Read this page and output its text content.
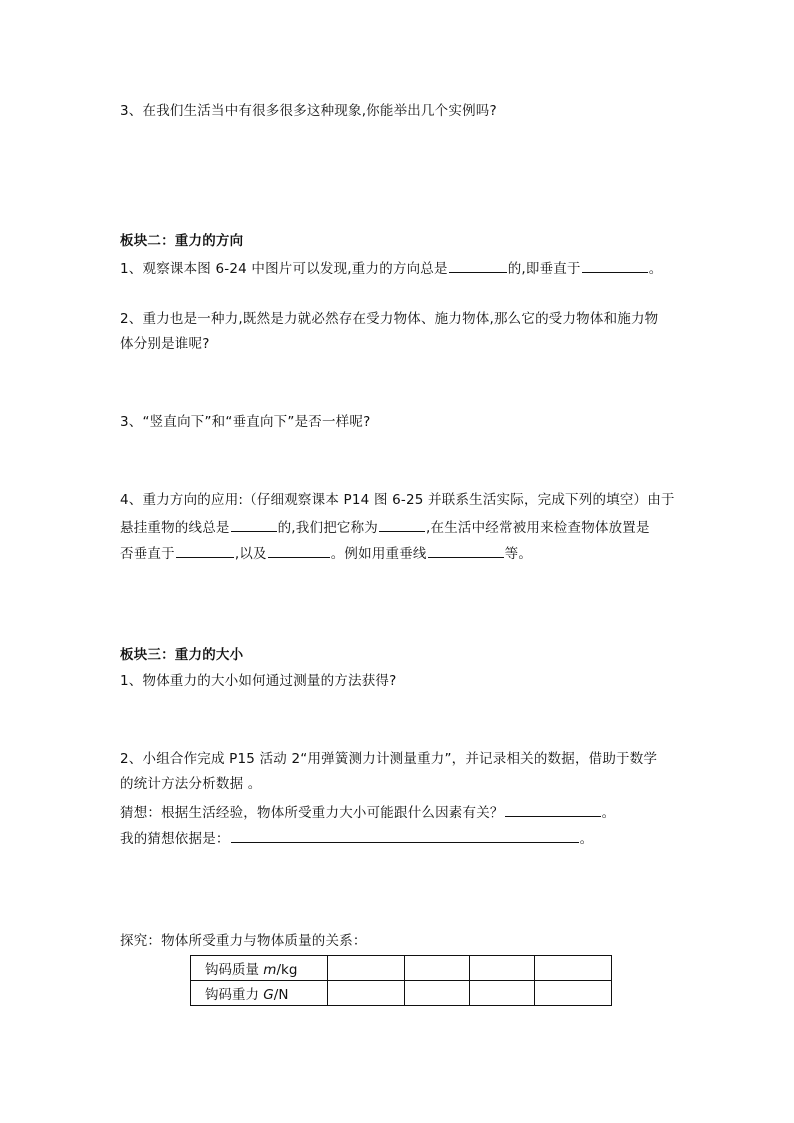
3、在我们生活当中有很多很多这种现象,你能举出几个实例吗?
板块二：重力的方向
1、观察课本图 6-24 中图片可以发现,重力的方向总是	的,即垂直于	。
2、重力也是一种力,既然是力就必然存在受力物体、施力物体,那么它的受力物体和施力物
体分别是谁呢?
3、“竖直向下”和“垂直向下”是否一样呢?
4、重力方向的应用:（仔细观察课本 P14 图 6-25 并联系生活实际，完成下列的填空）由于
悬挂重物的线总是	的,我们把它称为	,在生活中经常被用来检查物体放置是
否垂直于	,以及	。例如用重垂线	等。
板块三：重力的大小
1、物体重力的大小如何通过测量的方法获得?
2、小组合作完成 P15 活动 2“用弹簧测力计测量重力”，并记录相关的数据，借助于数学
的统计方法分析数据 。
猜想：根据生活经验，物体所受重力大小可能跟什么因素有关？	。
我的猜想依据是：	。
探究：物体所受重力与物体质量的关系：
钩码质量 m/kg				
钩码重力 G/N				
